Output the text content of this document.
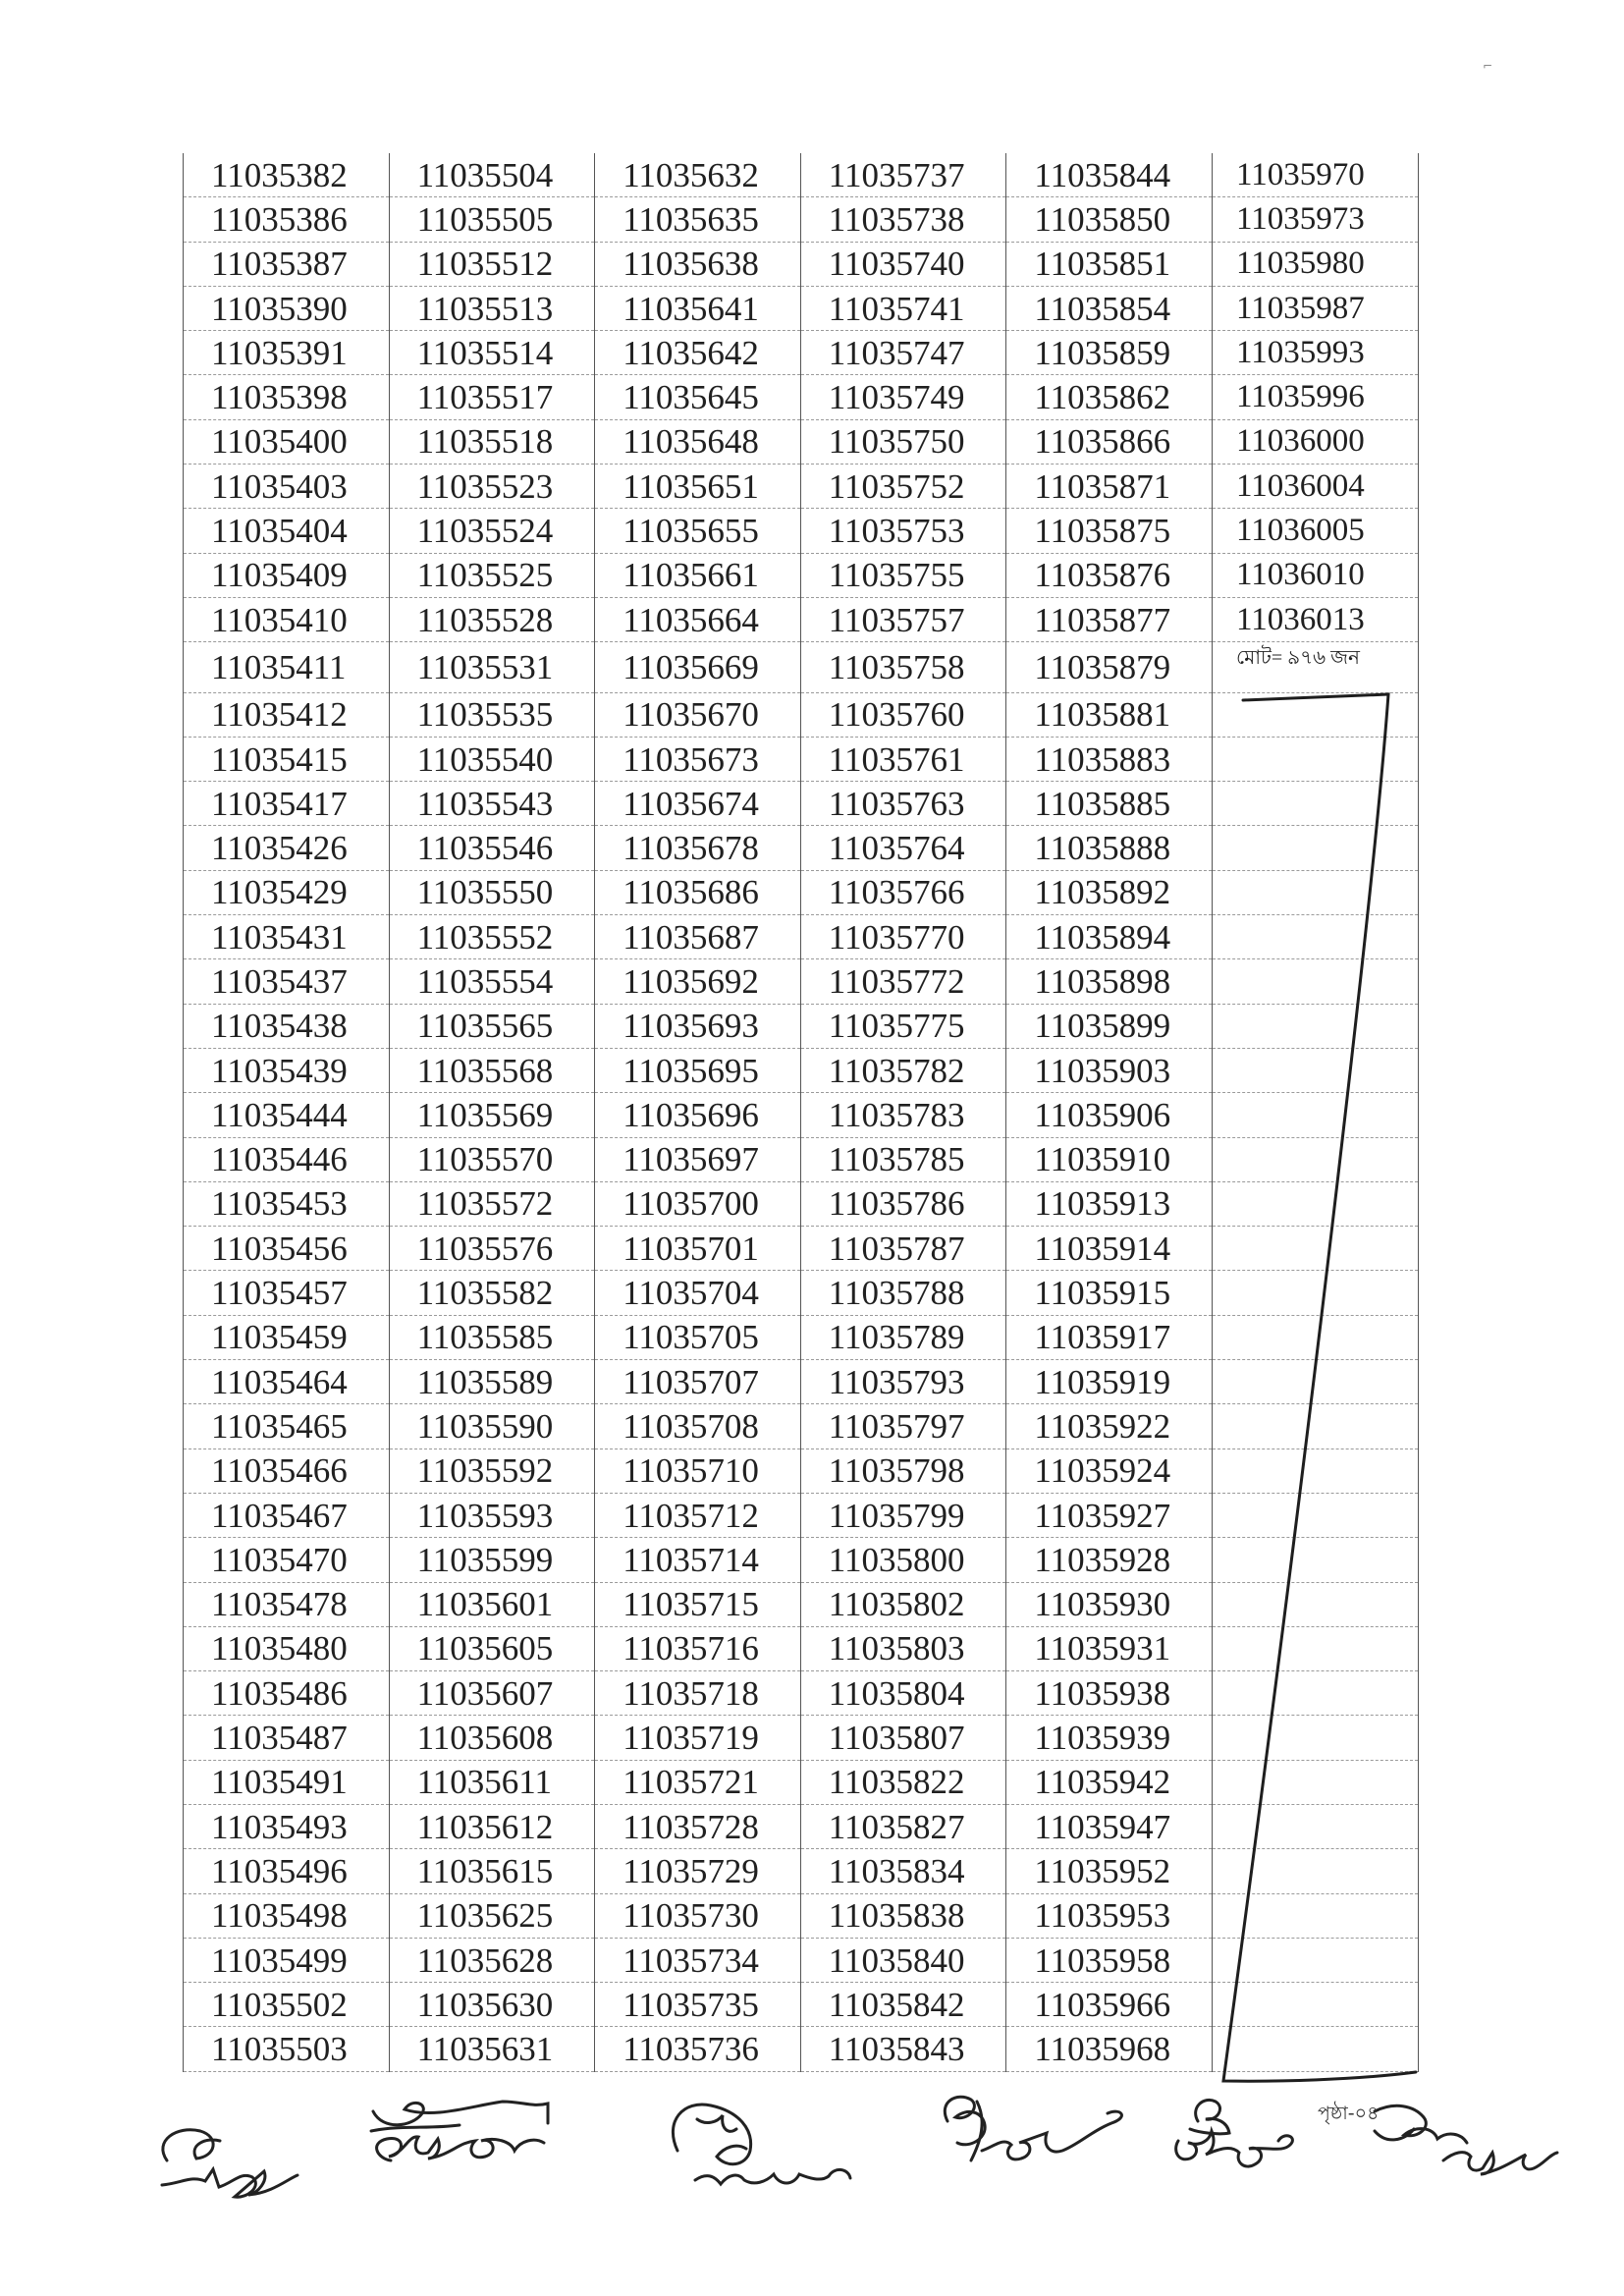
11035382	11035504	11035632	11035737	11035844	11035970
11035386	11035505	11035635	11035738	11035850	11035973
11035387	11035512	11035638	11035740	11035851	11035980
11035390	11035513	11035641	11035741	11035854	11035987
11035391	11035514	11035642	11035747	11035859	11035993
11035398	11035517	11035645	11035749	11035862	11035996
11035400	11035518	11035648	11035750	11035866	11036000
11035403	11035523	11035651	11035752	11035871	11036004
11035404	11035524	11035655	11035753	11035875	11036005
11035409	11035525	11035661	11035755	11035876	11036010
11035410	11035528	11035664	11035757	11035877	11036013
11035411	11035531	11035669	11035758	11035879	মোট= ৯৭৬ জন
11035412	11035535	11035670	11035760	11035881	
11035415	11035540	11035673	11035761	11035883	
11035417	11035543	11035674	11035763	11035885	
11035426	11035546	11035678	11035764	11035888	
11035429	11035550	11035686	11035766	11035892	
11035431	11035552	11035687	11035770	11035894	
11035437	11035554	11035692	11035772	11035898	
11035438	11035565	11035693	11035775	11035899	
11035439	11035568	11035695	11035782	11035903	
11035444	11035569	11035696	11035783	11035906	
11035446	11035570	11035697	11035785	11035910	
11035453	11035572	11035700	11035786	11035913	
11035456	11035576	11035701	11035787	11035914	
11035457	11035582	11035704	11035788	11035915	
11035459	11035585	11035705	11035789	11035917	
11035464	11035589	11035707	11035793	11035919	
11035465	11035590	11035708	11035797	11035922	
11035466	11035592	11035710	11035798	11035924	
11035467	11035593	11035712	11035799	11035927	
11035470	11035599	11035714	11035800	11035928	
11035478	11035601	11035715	11035802	11035930	
11035480	11035605	11035716	11035803	11035931	
11035486	11035607	11035718	11035804	11035938	
11035487	11035608	11035719	11035807	11035939	
11035491	11035611	11035721	11035822	11035942	
11035493	11035612	11035728	11035827	11035947	
11035496	11035615	11035729	11035834	11035952	
11035498	11035625	11035730	11035838	11035953	
11035499	11035628	11035734	11035840	11035958	
11035502	11035630	11035735	11035842	11035966	
11035503	11035631	11035736	11035843	11035968	
পৃষ্ঠা-০৪
⌐
